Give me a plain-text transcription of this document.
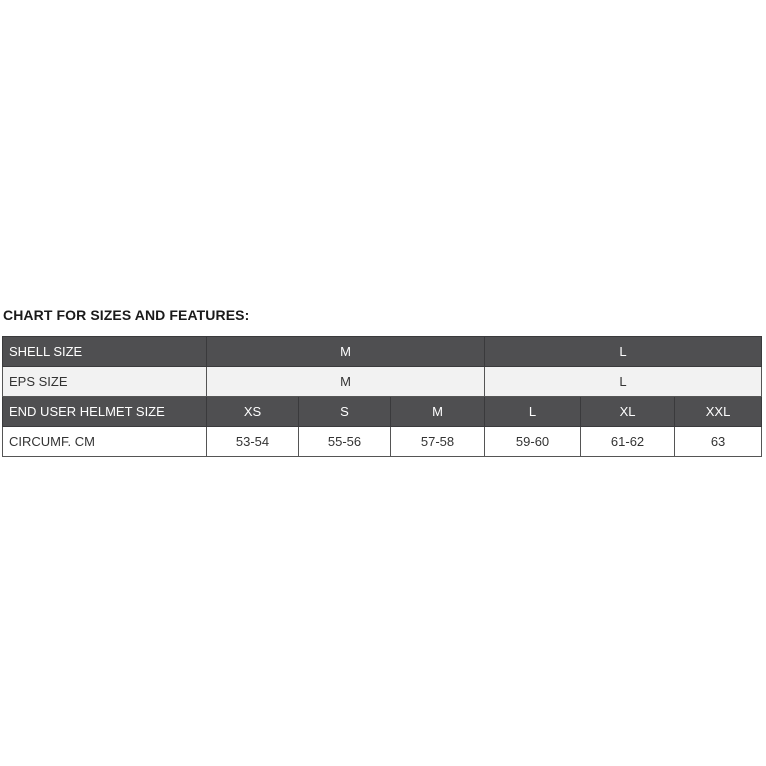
CHART FOR SIZES AND FEATURES:
SHELL SIZE	M			L		
EPS SIZE	M			L		
END USER HELMET SIZE	XS	S	M	L	XL	XXL
CIRCUMF. CM	53-54	55-56	57-58	59-60	61-62	63
